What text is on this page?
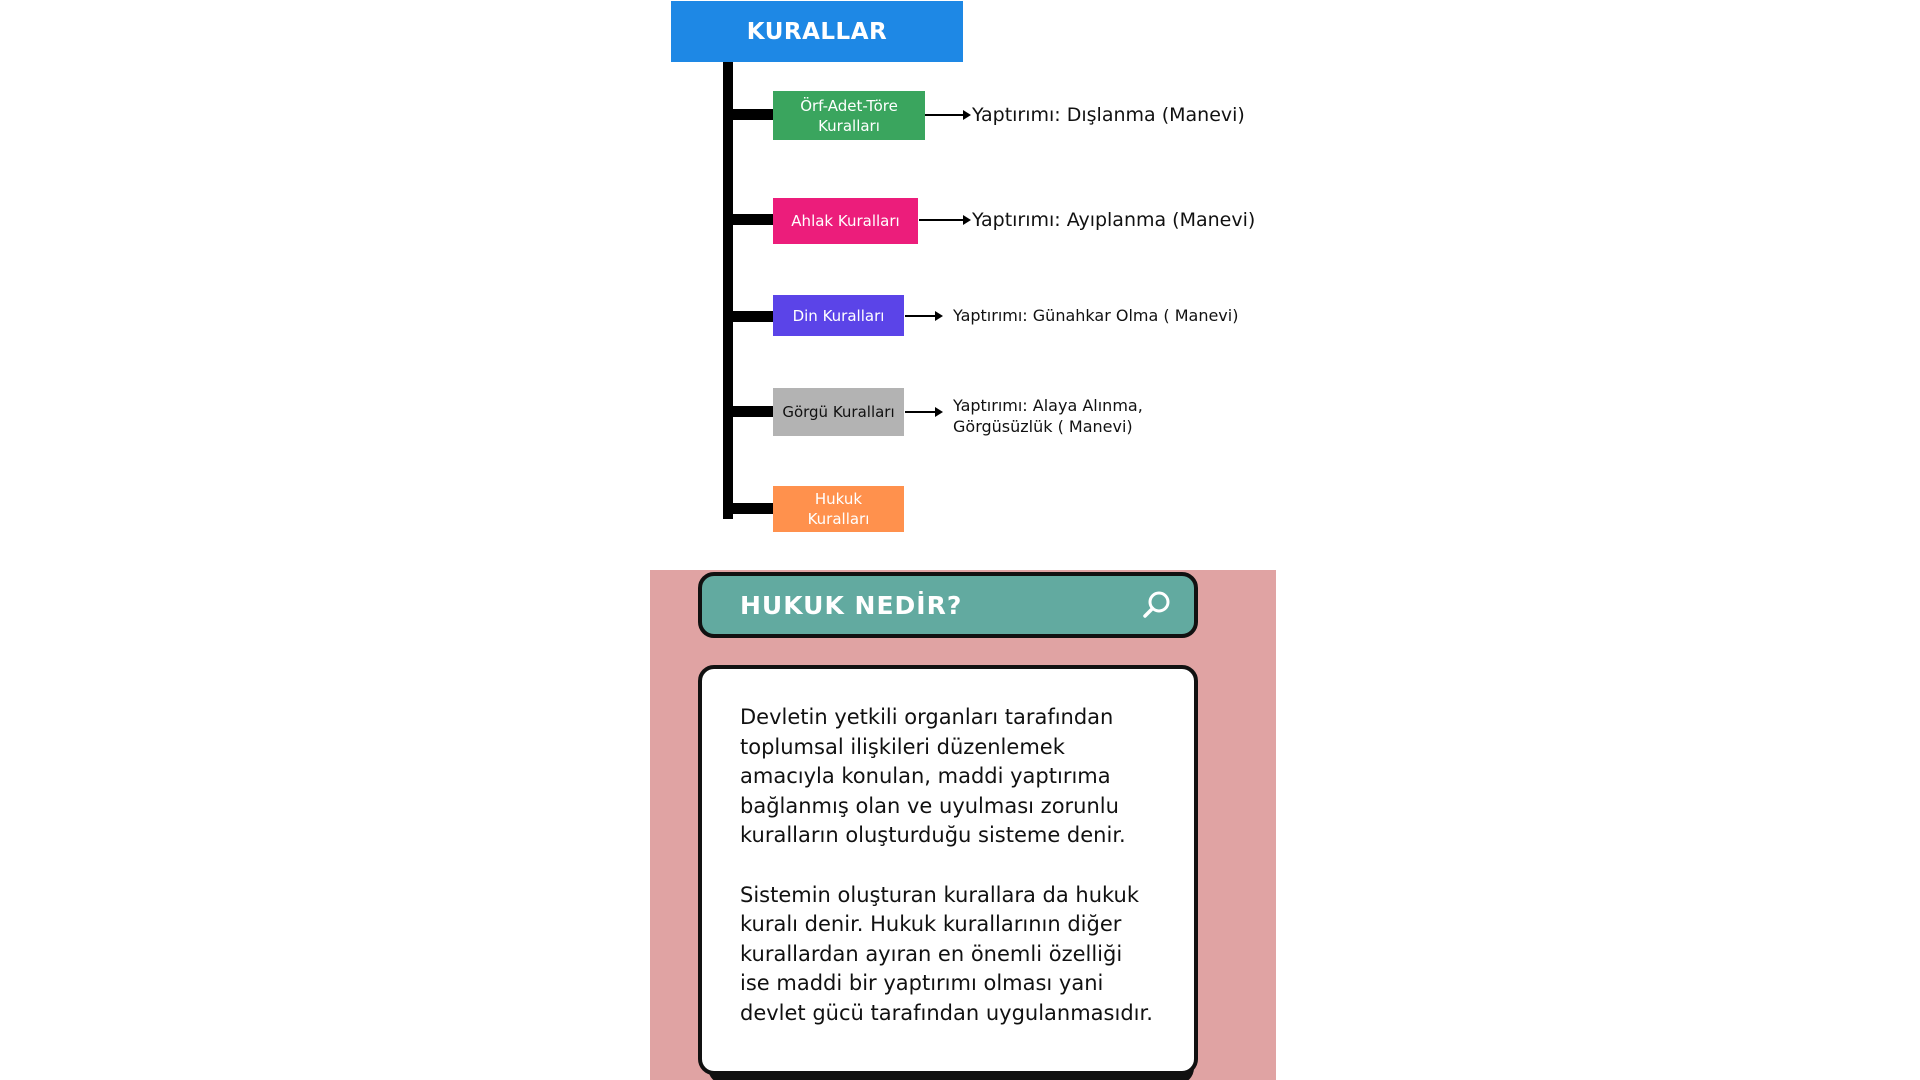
KURALLAR
Örf-Adet-Töre
Kuralları	Yaptırımı: Dışlanma (Manevi)
Ahlak Kuralları	Yaptırımı: Ayıplanma (Manevi)
Din Kuralları	Yaptırımı: Günahkar Olma ( Manevi)
Görgü Kuralları	Yaptırımı: Alaya Alınma,
Görgüsüzlük ( Manevi)
Hukuk
Kuralları
HUKUK NEDİR?

Devletin yetkili organları tarafından toplumsal ilişkileri düzenlemek amacıyla konulan, maddi yaptırıma bağlanmış olan ve uyulması zorunlu kuralların oluşturduğu sisteme denir.

Sistemin oluşturan kurallara da hukuk kuralı denir. Hukuk kurallarının diğer kurallardan ayıran en önemli özelliği ise maddi bir yaptırımı olması yani devlet gücü tarafından uygulanmasıdır.
